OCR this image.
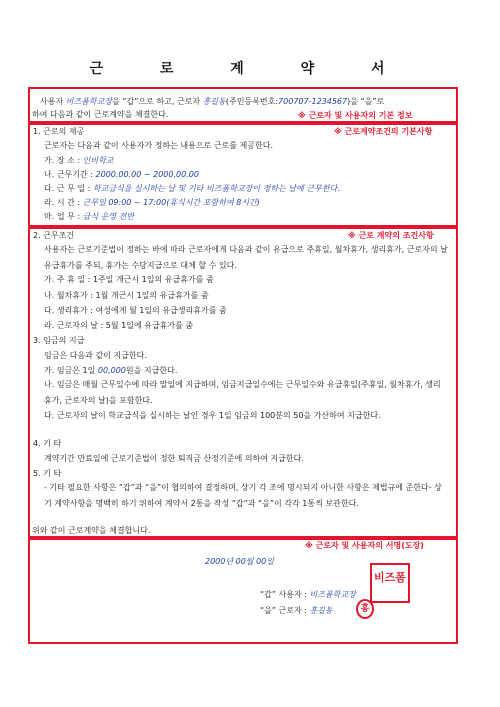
근 로 계 약 서
사용자 비즈폼학교장을 “갑”으로 하고, 근로자 홍길동(주민등록번호:700707-1234567)을 “을”로
하여 다음과 같이 근로계약을 체결한다.	※ 근로자 및 사용자의 기본 정보
1. 근로의 제공	※ 근로계약조건의 기본사항
근로자는 다음과 같이 사용자가 정하는 내용으로 근로를 제공한다.
가. 장 소 : 인비학교
나. 근무기간 : 2000.00.00 ~ 2000.00.00
다. 근 무 일 : 학교급식을 실시하는 날 및 기타 비즈폼학교장이 정하는 날에 근무한다.
라. 시 간 : 근무일 09:00 ~ 17:00(휴식시간 포함하여 8시간)
마. 업 무 : 급식 운영 전반
2. 근무조건	※ 근로 계약의 조건사항
사용자는 근로기준법이 정하는 바에 따라 근로자에게 다음과 같이 유급으로 주휴일, 월차휴가, 생리휴가, 근로자의 날 유급휴가를 주되, 휴가는 수당지급으로 대체 할 수 있다.
가. 주 휴 일 : 1주일 개근시 1일의 유급휴가를 줌
나. 월차휴가 : 1월 개근시 1일의 유급휴가를 줌
다. 생리휴가 : 여성에게 월 1일의 유급생리휴가를 줌
라. 근로자의 날 : 5월 1일에 유급휴가를 줌
3. 임금의 지급
임금은 다음과 같이 지급한다.
가. 임금은 1일 00,000원을 지급한다.
나. 임금은 매월 근무일수에 따라 말일에 지급하며, 임금지급일수에는 근무일수와 유급휴일(주휴일, 월차휴가, 생리휴가, 근로자의 날)을 포함한다.
다. 근로자의 날이 학교급식을 실시하는 날인 경우 1일 임금의 100분의 50을 가산하여 지급한다.
4. 기 타
계약기간 만료일에 근로기준법이 정한 퇴직금 산정기준에 의하여 지급한다.
5. 기 타
- 기타 필요한 사항은 “갑”과 “을”이 협의하여 결정하며, 상기 각 조에 명시되지 아니한 사항은 제법규에 준한다- 상기 계약사항을 명백히 하기 위하여 계약서 2통을 작성 “갑”과 “을”이 각각 1통씩 보관한다.
위와 같이 근로계약을 체결합니다.
※ 근로자 및 사용자의 서명(도장)
2000년 00월 00일
“갑” 사용자 : 비즈폼학교장
비즈폼
“을” 근로자 : 홍길동	홍
